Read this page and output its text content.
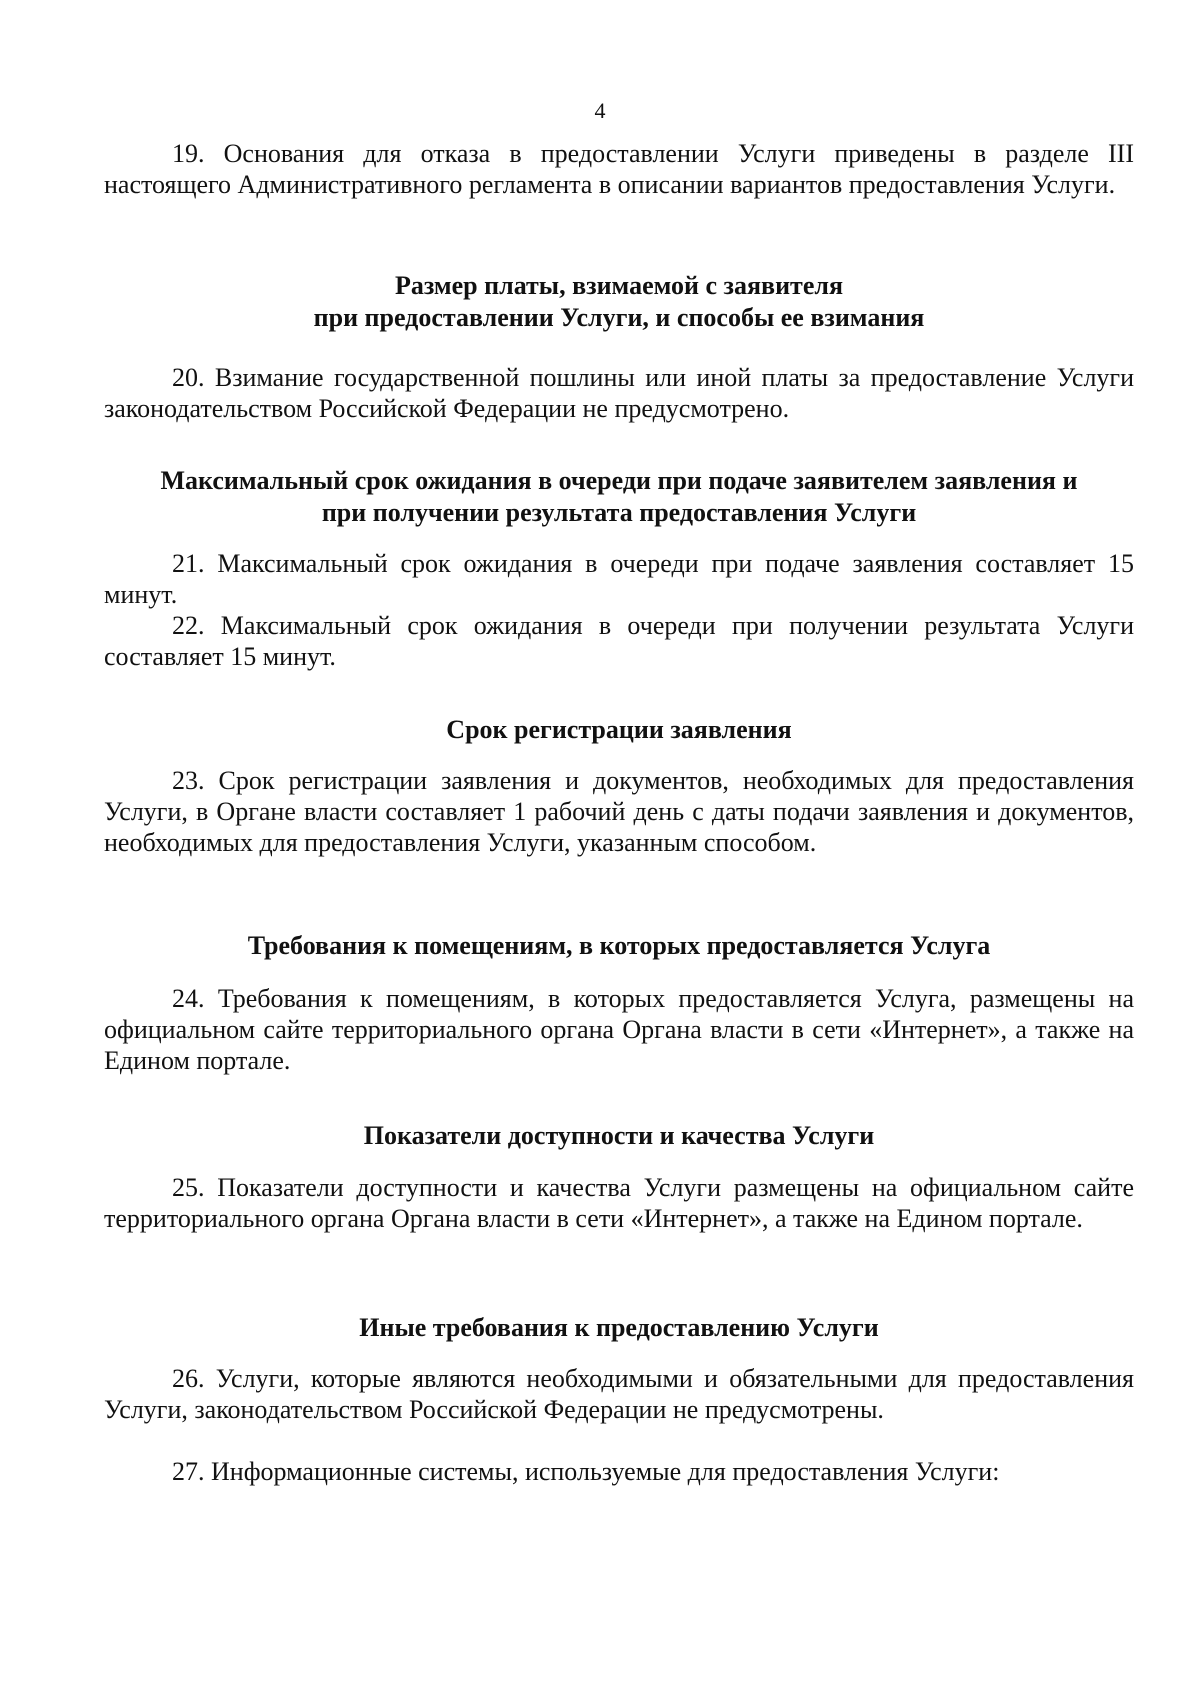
4

19. Основания для отказа в предоставлении Услуги приведены в разделе III настоящего Административного регламента в описании вариантов предоставления Услуги.

Размер платы, взимаемой с заявителя
при предоставлении Услуги, и способы ее взимания

20. Взимание государственной пошлины или иной платы за предоставление Услуги законодательством Российской Федерации не предусмотрено.

Максимальный срок ожидания в очереди при подаче заявителем заявления и
при получении результата предоставления Услуги

21. Максимальный срок ожидания в очереди при подаче заявления составляет 15 минут.

22. Максимальный срок ожидания в очереди при получении результата Услуги составляет 15 минут.

Срок регистрации заявления

23. Срок регистрации заявления и документов, необходимых для предоставления Услуги, в Органе власти составляет 1 рабочий день с даты подачи заявления и документов, необходимых для предоставления Услуги, указанным способом.

Требования к помещениям, в которых предоставляется Услуга

24. Требования к помещениям, в которых предоставляется Услуга, размещены на официальном сайте территориального органа Органа власти в сети «Интернет», а также на Едином портале.

Показатели доступности и качества Услуги

25. Показатели доступности и качества Услуги размещены на официальном сайте территориального органа Органа власти в сети «Интернет», а также на Едином портале.

Иные требования к предоставлению Услуги

26. Услуги, которые являются необходимыми и обязательными для предоставления Услуги, законодательством Российской Федерации не предусмотрены.

27. Информационные системы, используемые для предоставления Услуги:
